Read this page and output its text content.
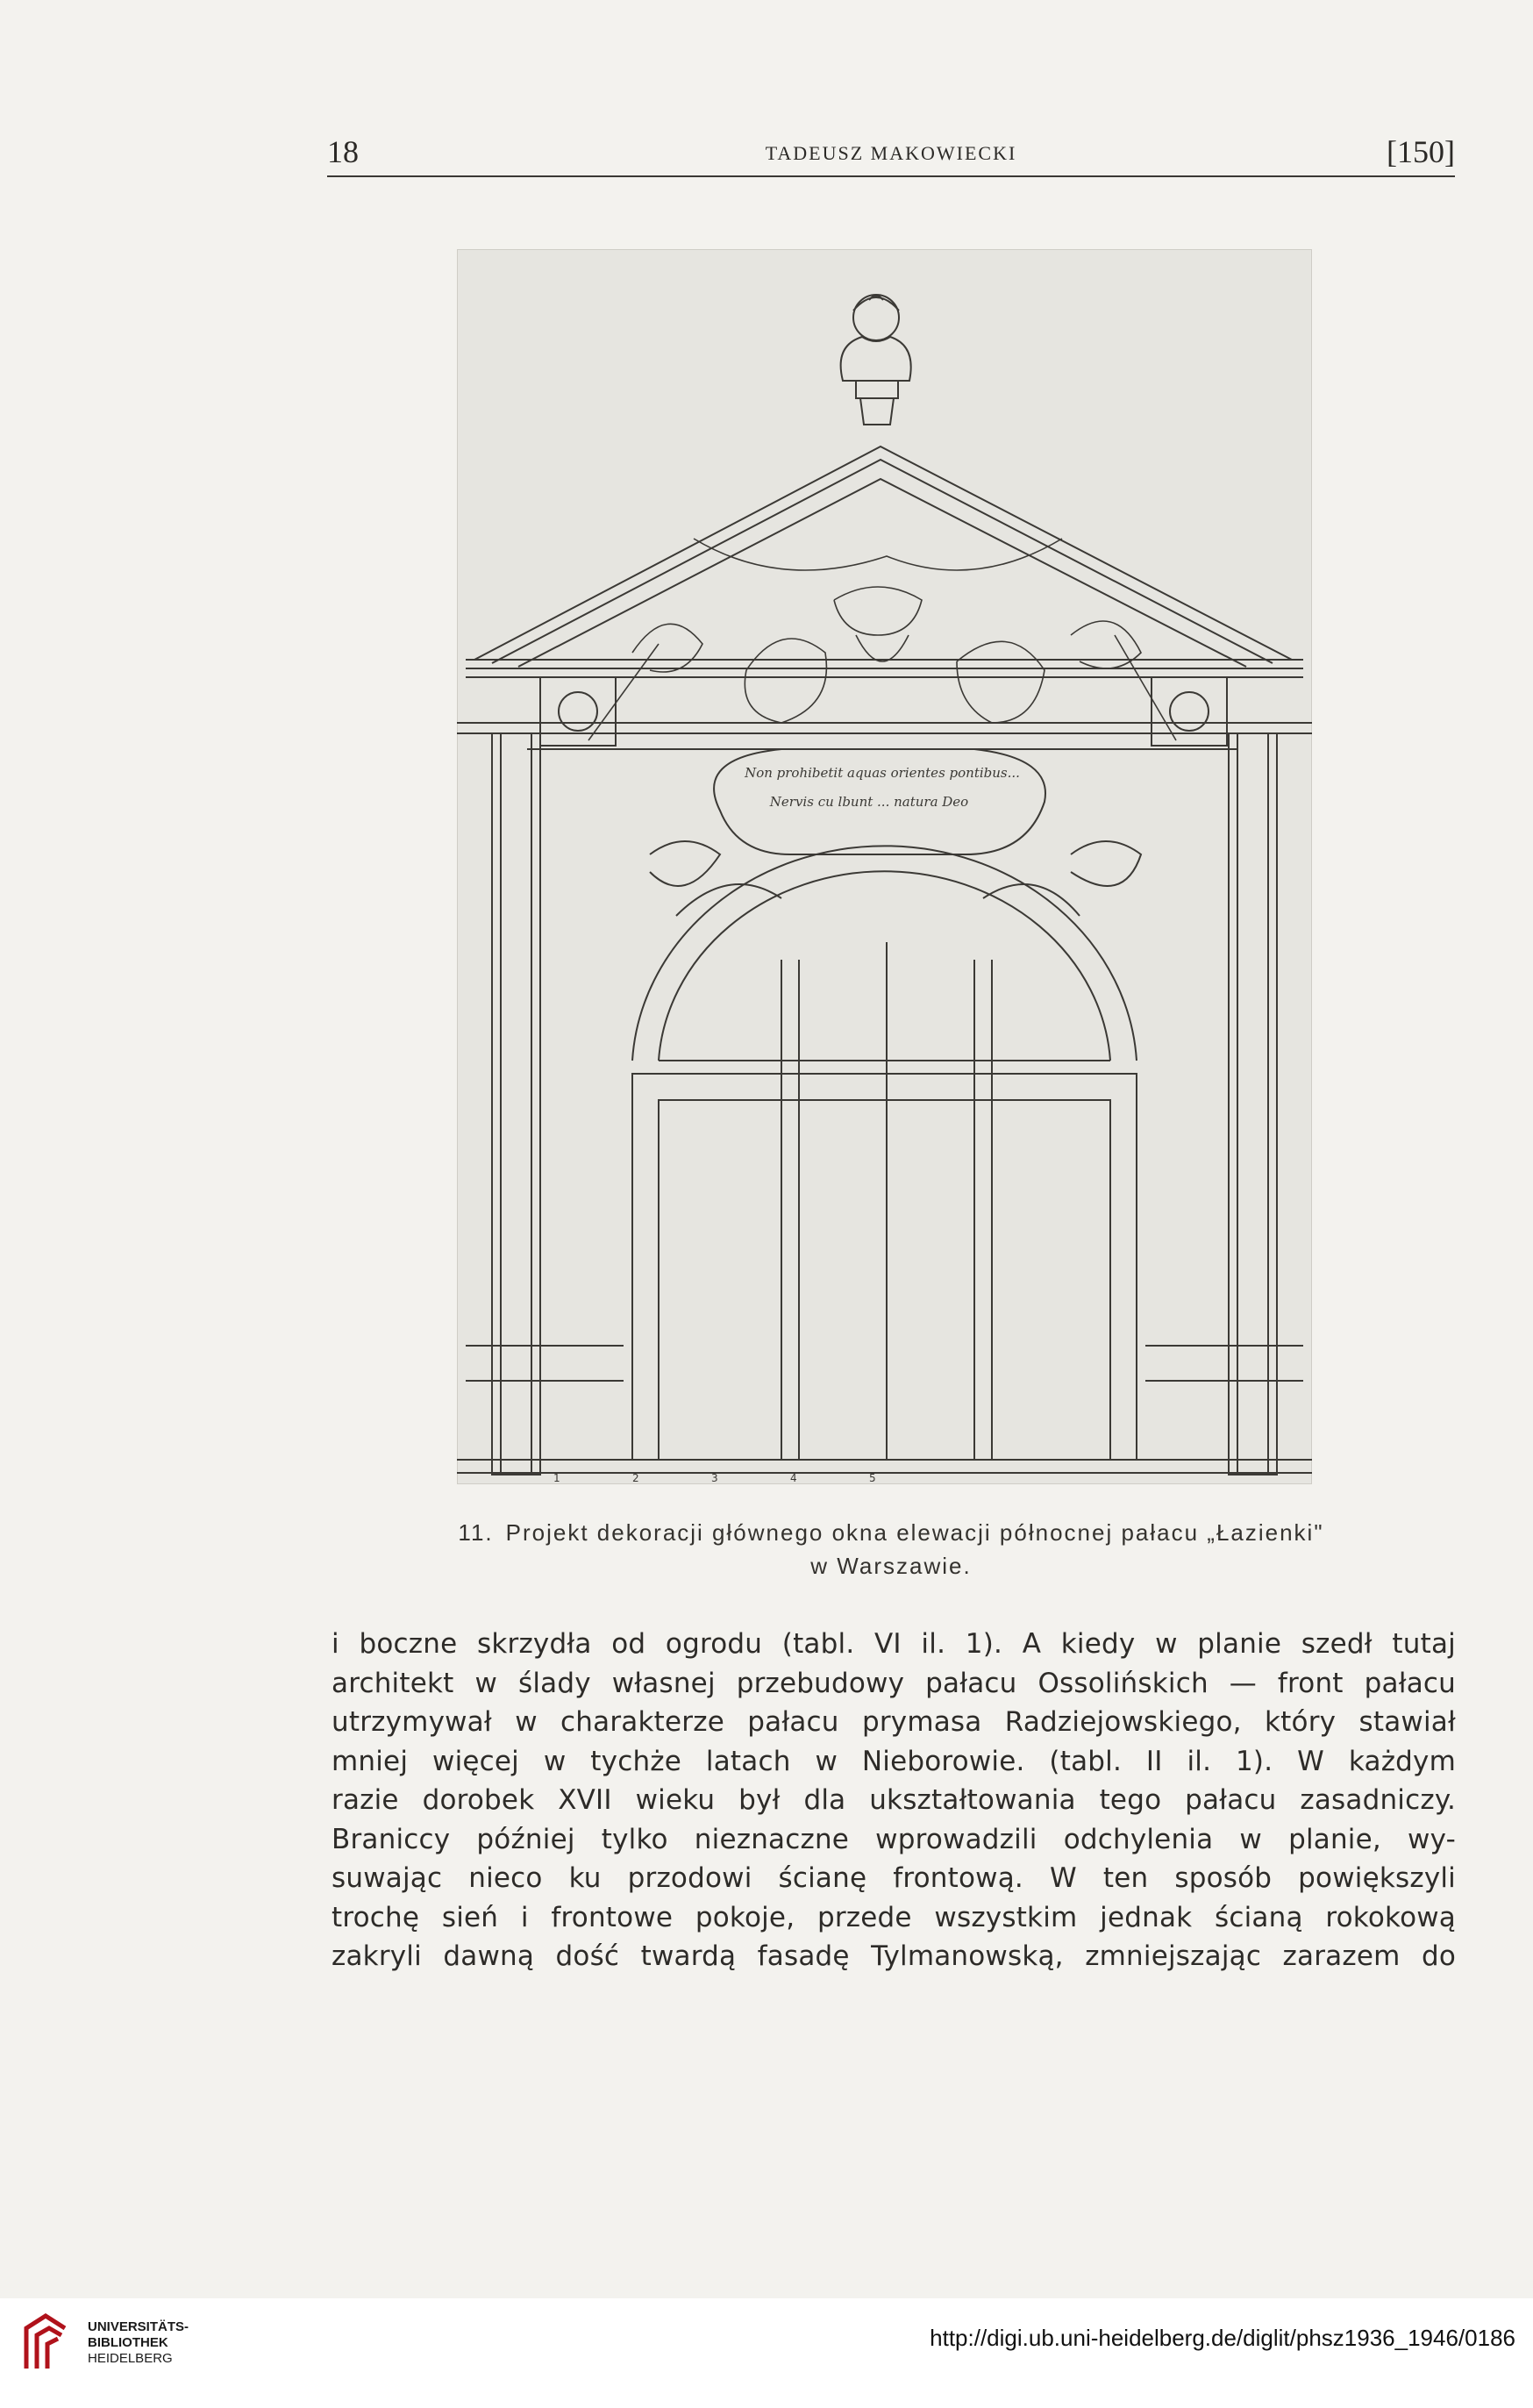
18	TADEUSZ MAKOWIECKI	[150]
Non prohibetit aquas orientes pontibus...
Nervis cu lbunt ... natura Deo
1	2	3	4	5
11. Projekt dekoracji głównego okna elewacji północnej pałacu „Łazienki"
w Warszawie.
i boczne skrzydła od ogrodu (tabl. VI il. 1). A kiedy w planie szedł tutaj
architekt w ślady własnej przebudowy pałacu Ossolińskich — front pałacu
utrzymywał w charakterze pałacu prymasa Radziejowskiego, który stawiał
mniej więcej w tychże latach w Nieborowie. (tabl. II il. 1). W każdym
razie dorobek XVII wieku był dla ukształtowania tego pałacu zasadniczy.
Braniccy później tylko nieznaczne wprowadzili odchylenia w planie, wy-
suwając nieco ku przodowi ścianę frontową. W ten sposób powiększyli
trochę sień i frontowe pokoje, przede wszystkim jednak ścianą rokokową
zakryli dawną dość twardą fasadę Tylmanowską, zmniejszając zarazem do
UNIVERSITÄTS-
BIBLIOTHEK
HEIDELBERG
http://digi.ub.uni-heidelberg.de/diglit/phsz1936_1946/0186
